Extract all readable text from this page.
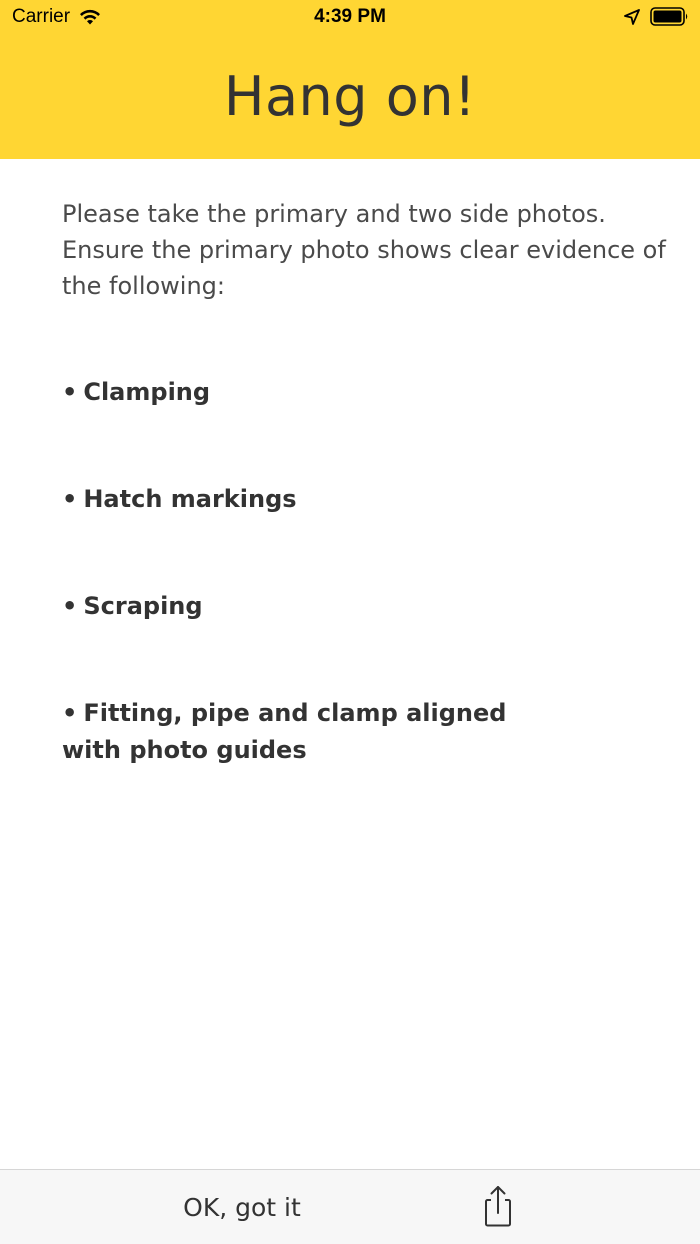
Carrier	4:39 PM
Hang on!

Please take the primary and two side photos. Ensure the primary photo shows clear evidence of the following:

• Clamping
• Hatch markings
• Scraping
• Fitting, pipe and clamp aligned with photo guides
OK, got it
